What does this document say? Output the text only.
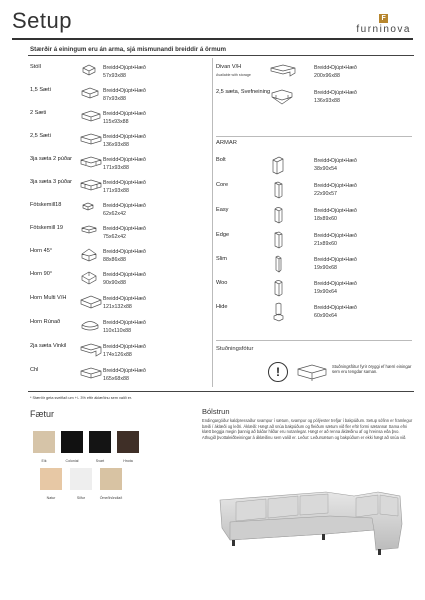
Setup	F
furninova
Stærðir á einingum eru án arma, sjá mismunandi breiddir á örmum
Stóll	Breidd•Djúpt•Hæð
57x93x88
1,5 Sæti	Breidd•Djúpt•Hæð
87x93x88
2 Sæti	Breidd•Djúpt•Hæð
115x93x88
2,5 Sæti	Breidd•Djúpt•Hæð
136x93x88
3ja sæta 2 púðar	Breidd•Djúpt•Hæð
171x93x88
3ja sæta 3 púðar	Breidd•Djúpt•Hæð
171x93x88
Fötskemill18	Breidd•Djúpt•Hæð
62x62x42
Fötskemill 19	Breidd•Djúpt•Hæð
75x62x42
Horn 45°	Breidd•Djúpt•Hæð
88x86x88
Horn 90°	Breidd•Djúpt•Hæð
90x90x88
Horn Multi V/H	Breidd•Djúpt•Hæð
121x132x88
Horn Rúnað	Breidd•Djúpt•Hæð
110x110x88
2ja sæta Vinkil	Breidd•Djúpt•Hæð
174x126x88
Chl	Breidd•Djúpt•Hæð
165x68x88
Divan V/H
Available with storage
Breidd•Djúpt•Hæð
200x96x88
2,5 sæta, Svefneining	Breidd•Djúpt•Hæð
136x93x88
ARMAR
Bolt	Breidd•Djúpt•Hæð
38x90x54
Core	Breidd•Djúpt•Hæð
22x90x57
Easy	Breidd•Djúpt•Hæð
18x89x60
Edge	Breidd•Djúpt•Hæð
21x89x60
Slim	Breidd•Djúpt•Hæð
19x90x68
Woo	Breidd•Djúpt•Hæð
19x90x64
Hide	Breidd•Djúpt•Hæð
60x90x64
Stuðningsfótur
!	Stuðningsfótur fyrir öryggi ef hærri einingar sem eru tengdar saman.
* Stærðir geta sveiflað um +/- 3% eftir áklæðinu sem valið er.
Fætur
Eik	Colonial	Svart	Hnota
Natur	Silfur	Ómeðhöndlað
Bólstrun
Endingargóður kaldpressaður svampur í sætum, svampur og pólýester trefjar í bakpúðum. Setup sófinn er framlegur bæði í áklæði og leðri. Áklæði: Hægt að snúa bakpúðum og fleiðum sætum við fler eftir formi sætanna! Sama efni klætt beggja megin þannig að báðar hliðar eru notanlegar. Hægt er að renna áklæðinu af og hreinsa eða þvo. Athugið þvottaleiðbeiningar á áklæðinu sem valið er. Leður: Leðursætum og bakpúðum er ekki hægt að snúa við.
